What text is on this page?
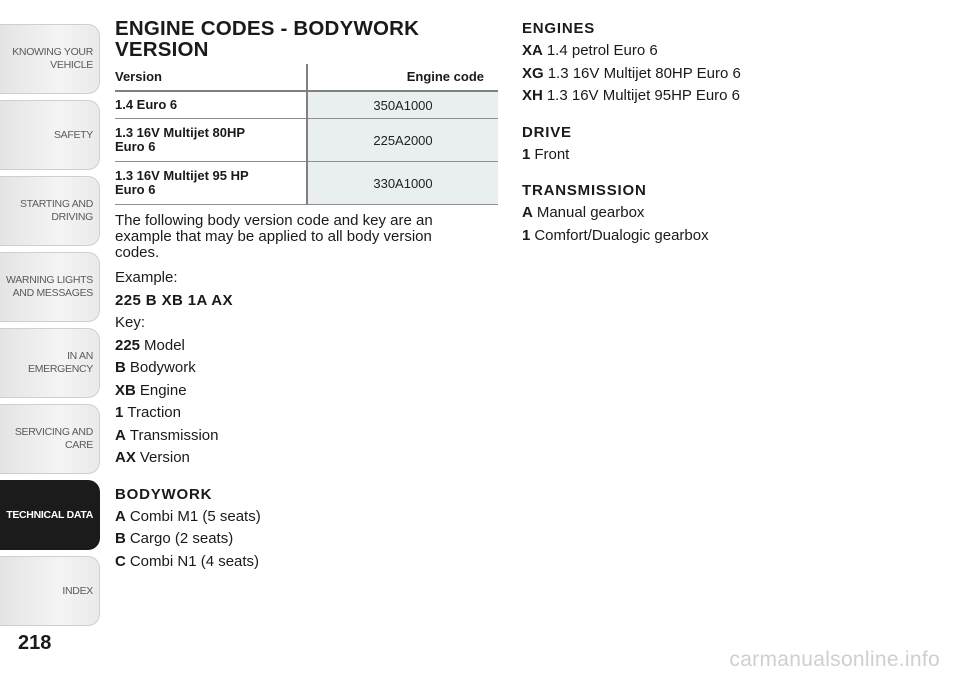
KNOWING YOUR
VEHICLE
SAFETY
STARTING AND
DRIVING
WARNING LIGHTS
AND MESSAGES
IN AN EMERGENCY
SERVICING AND
CARE
TECHNICAL DATA
INDEX
218
carmanualsonline.info
ENGINE CODES - BODYWORK
VERSION
Version	Engine code
1.4 Euro 6	350A1000
1.3 16V Multijet 80HP
Euro 6	225A2000
1.3 16V Multijet 95 HP
Euro 6	330A1000

The following body version code and key are an example that may be applied to all body version codes.

Example:
225 B XB 1A AX
Key:
225 Model
B Bodywork
XB Engine
1 Traction
A Transmission
AX Version
BODYWORK
A Combi M1 (5 seats)
B Cargo (2 seats)
C Combi N1 (4 seats)
ENGINES
XA 1.4 petrol Euro 6
XG 1.3 16V Multijet 80HP Euro 6
XH 1.3 16V Multijet 95HP Euro 6
DRIVE
1 Front
TRANSMISSION
A Manual gearbox
1 Comfort/Dualogic gearbox
